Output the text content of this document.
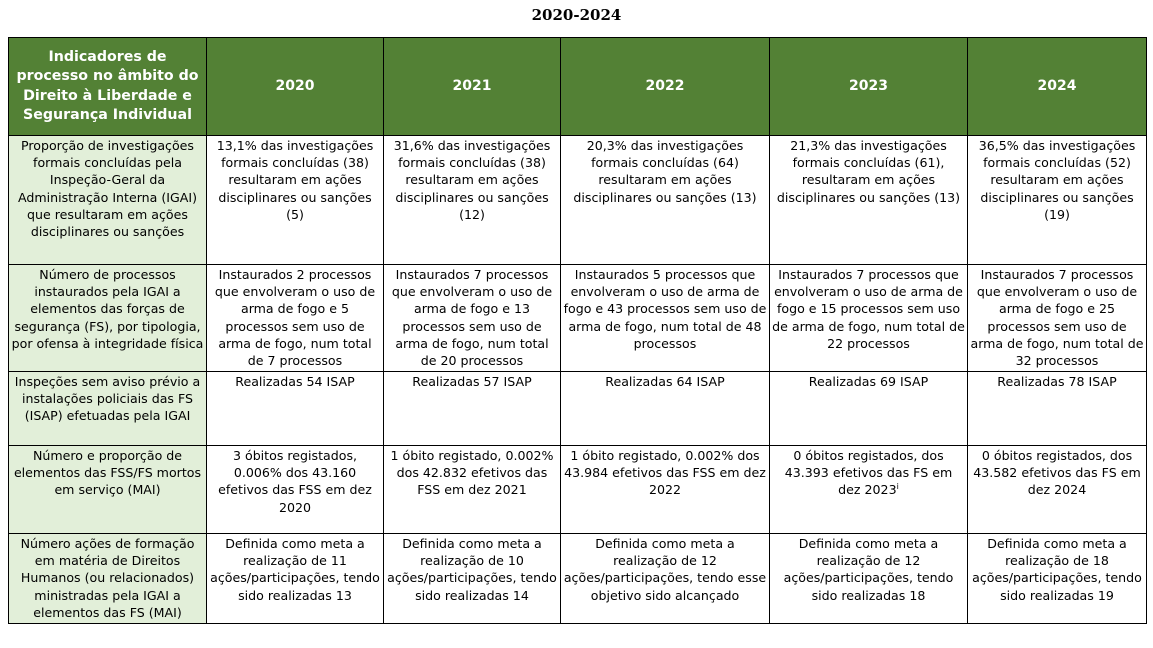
2020-2024
Indicadores de processo no âmbito do Direito à Liberdade e Segurança Individual	2020	2021	2022	2023	2024
Proporção de investigações formais concluídas pela Inspeção-Geral da Administração Interna (IGAI) que resultaram em ações disciplinares ou sanções	13,1% das investigações formais concluídas (38) resultaram em ações disciplinares ou sanções (5)	31,6% das investigações formais concluídas (38) resultaram em ações disciplinares ou sanções (12)	20,3% das investigações formais concluídas (64) resultaram em ações disciplinares ou sanções (13)	21,3% das investigações formais concluídas (61), resultaram em ações disciplinares ou sanções (13)	36,5% das investigações formais concluídas (52) resultaram em ações disciplinares ou sanções (19)
Número de processos instaurados pela IGAI a elementos das forças de segurança (FS), por tipologia, por ofensa à integridade física	Instaurados 2 processos que envolveram o uso de arma de fogo e 5 processos sem uso de arma de fogo, num total de 7 processos	Instaurados 7 processos que envolveram o uso de arma de fogo e 13 processos sem uso de arma de fogo, num total de 20 processos	Instaurados 5 processos que envolveram o uso de arma de fogo e 43 processos sem uso de arma de fogo, num total de 48 processos	Instaurados 7 processos que envolveram o uso de arma de fogo e 15 processos sem uso de arma de fogo, num total de 22 processos	Instaurados 7 processos que envolveram o uso de arma de fogo e 25 processos sem uso de arma de fogo, num total de 32 processos
Inspeções sem aviso prévio a instalações policiais das FS (ISAP) efetuadas pela IGAI	Realizadas 54 ISAP	Realizadas 57 ISAP	Realizadas 64 ISAP	Realizadas 69 ISAP	Realizadas 78 ISAP
Número e proporção de elementos das FSS/FS mortos em serviço (MAI)	3 óbitos registados, 0.006% dos 43.160 efetivos das FSS em dez 2020	1 óbito registado, 0.002% dos 42.832 efetivos das FSS em dez 2021	1 óbito registado, 0.002% dos 43.984 efetivos das FSS em dez 2022	0 óbitos registados, dos 43.393 efetivos das FS em dez 2023$^i$	0 óbitos registados, dos 43.582 efetivos das FS em dez 2024
Número ações de formação em matéria de Direitos Humanos (ou relacionados) ministradas pela IGAI a elementos das FS (MAI)	Definida como meta a realização de 11 ações/participações, tendo sido realizadas 13	Definida como meta a realização de 10 ações/participações, tendo sido realizadas 14	Definida como meta a realização de 12 ações/participações, tendo esse objetivo sido alcançado	Definida como meta a realização de 12 ações/participações, tendo sido realizadas 18	Definida como meta a realização de 18 ações/participações, tendo sido realizadas 19
